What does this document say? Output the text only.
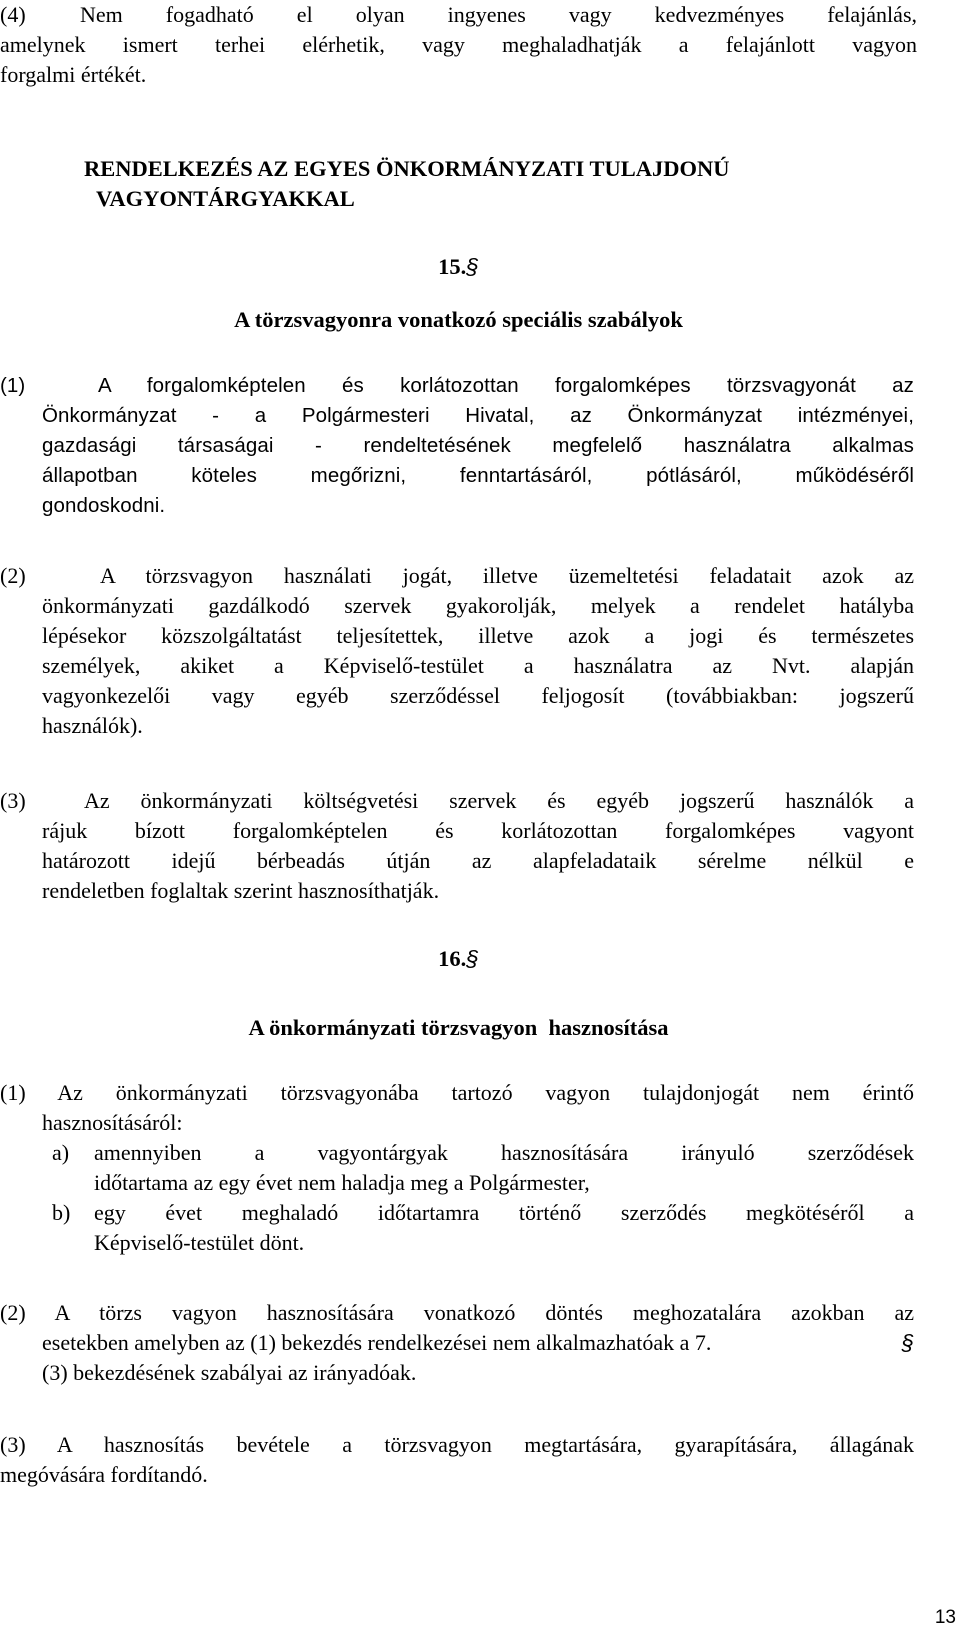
(4) Nem fogadható el olyan ingyenes vagy kedvezményes felajánlás,
amelynek ismert terhei elérhetik, vagy meghaladhatják a felajánlott vagyon
forgalmi értékét.
RENDELKEZÉS AZ EGYES ÖNKORMÁNYZATI TULAJDONÚ
VAGYONTÁRGYAKKAL
15.§
A törzsvagyonra vonatkozó speciális szabályok
(1)	A forgalomképtelen és korlátozottan forgalomképes törzsvagyonát az
Önkormányzat - a Polgármesteri Hivatal, az Önkormányzat intézményei,
gazdasági társaságai - rendeltetésének megfelelő használatra alkalmas
állapotban köteles megőrizni, fenntartásáról, pótlásáról, működéséről
gondoskodni.
(2)	A törzsvagyon használati jogát, illetve üzemeltetési feladatait azok az
önkormányzati gazdálkodó szervek gyakorolják, melyek a rendelet hatályba
lépésekor közszolgáltatást teljesítettek, illetve azok a jogi és természetes
személyek, akiket a Képviselő-testület a használatra az Nvt. alapján
vagyonkezelői vagy egyéb szerződéssel feljogosít (továbbiakban: jogszerű
használók).
(3)	Az önkormányzati költségvetési szervek és egyéb jogszerű használók a
rájuk bízott forgalomképtelen és korlátozottan forgalomképes vagyont
határozott idejű bérbeadás útján az alapfeladataik sérelme nélkül e
rendeletben foglaltak szerint hasznosíthatják.
16.§
A önkormányzati törzsvagyon  hasznosítása
(1) Az önkormányzati törzsvagyonába tartozó vagyon tulajdonjogát nem érintő
hasznosításáról:
a) amennyiben a vagyontárgyak hasznosítására irányuló szerződések
időtartama az egy évet nem haladja meg a Polgármester,
b) egy évet meghaladó időtartamra történő szerződés megkötéséről a
Képviselő-testület dönt.
(2) A törzs vagyon hasznosítására vonatkozó döntés meghozatalára azokban az
esetekben amelyben az (1) bekezdés rendelkezései nem alkalmazhatóak a 7.	§
(3) bekezdésének szabályai az irányadóak.
(3) A hasznosítás bevétele a törzsvagyon megtartására, gyarapítására, állagának
megóvására fordítandó.
13
